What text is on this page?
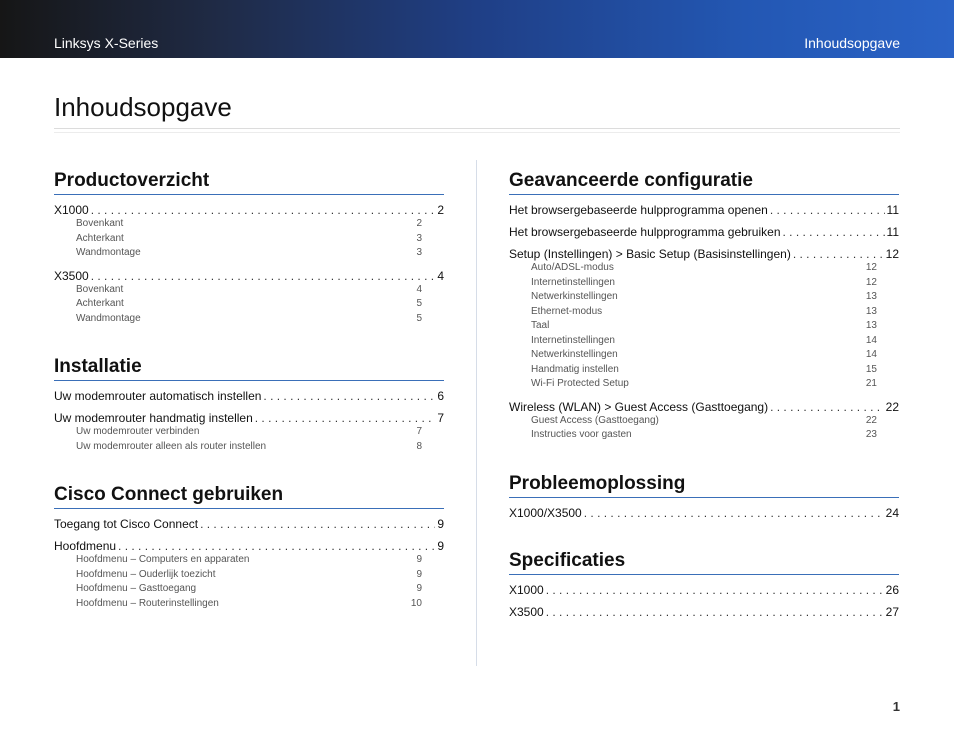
Linksys X-Series	Inhoudsopgave
Inhoudsopgave
Productoverzicht
X1000 . . .	2
Bovenkant	2
Achterkant	3
Wandmontage	3
X3500 . . .	4
Bovenkant	4
Achterkant	5
Wandmontage	5
Installatie
Uw modemrouter automatisch instellen . . .	6
Uw modemrouter handmatig instellen . . .	7
Uw modemrouter verbinden	7
Uw modemrouter alleen als router instellen	8
Cisco Connect gebruiken
Toegang tot Cisco Connect . . .	9
Hoofdmenu . . .	9
Hoofdmenu – Computers en apparaten	9
Hoofdmenu – Ouderlijk toezicht	9
Hoofdmenu – Gasttoegang	9
Hoofdmenu – Routerinstellingen	10
Geavanceerde configuratie
Het browsergebaseerde hulpprogramma openen . . .	11
Het browsergebaseerde hulpprogramma gebruiken . . .	11
Setup (Instellingen) > Basic Setup (Basisinstellingen) . . .	12
Auto/ADSL-modus	12
Internetinstellingen	12
Netwerkinstellingen	13
Ethernet-modus	13
Taal	13
Internetinstellingen	14
Netwerkinstellingen	14
Handmatig instellen	15
Wi-Fi Protected Setup	21
Wireless (WLAN) > Guest Access (Gasttoegang) . . .	22
Guest Access (Gasttoegang)	22
Instructies voor gasten	23
Probleemoplossing
X1000/X3500 . . .	24
Specificaties
X1000 . . .	26
X3500 . . .	27
1
